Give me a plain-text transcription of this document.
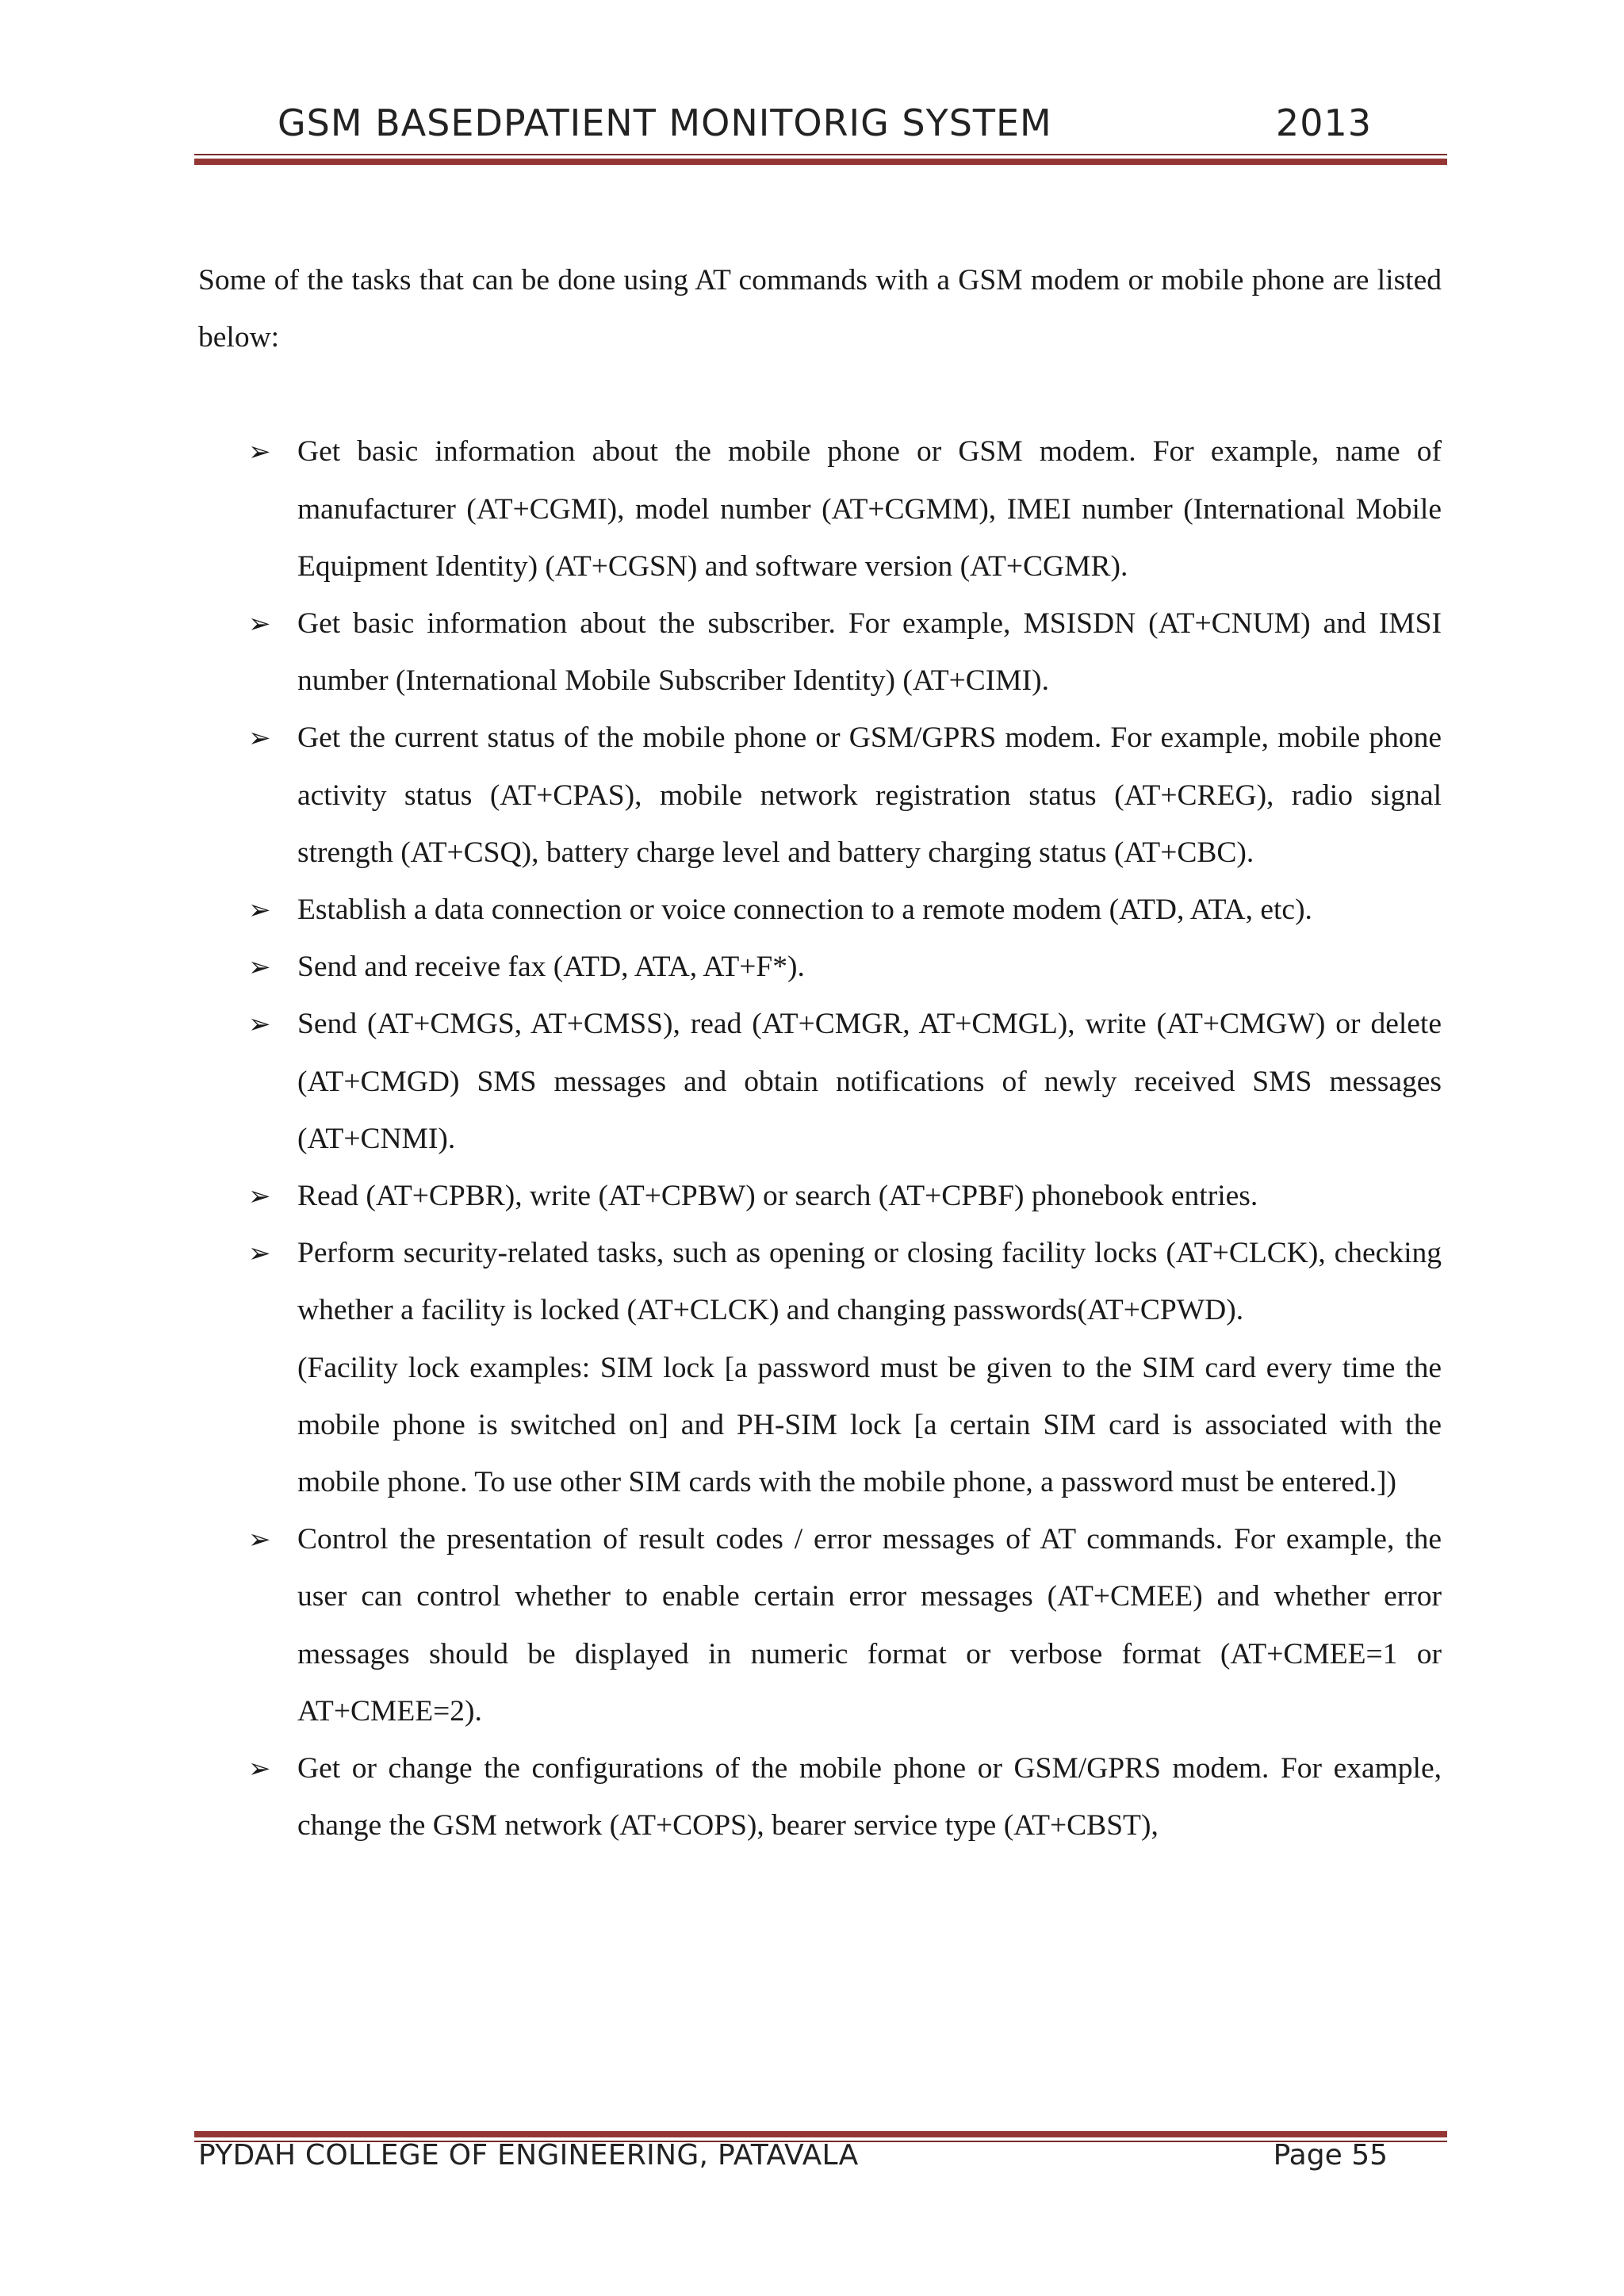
GSM BASEDPATIENT MONITORIG SYSTEM	2013

Some of the tasks that can be done using AT commands with a GSM modem or mobile phone are listed below:

➢ Get basic information about the mobile phone or GSM modem. For example, name of manufacturer (AT+CGMI), model number (AT+CGMM), IMEI number (International Mobile Equipment Identity) (AT+CGSN) and software version (AT+CGMR).
➢ Get basic information about the subscriber. For example, MSISDN (AT+CNUM) and IMSI number (International Mobile Subscriber Identity) (AT+CIMI).
➢ Get the current status of the mobile phone or GSM/GPRS modem. For example, mobile phone activity status (AT+CPAS), mobile network registration status (AT+CREG), radio signal strength (AT+CSQ), battery charge level and battery charging status (AT+CBC).
➢ Establish a data connection or voice connection to a remote modem (ATD, ATA, etc).
➢ Send and receive fax (ATD, ATA, AT+F*).
➢ Send (AT+CMGS, AT+CMSS), read (AT+CMGR, AT+CMGL), write (AT+CMGW) or delete (AT+CMGD) SMS messages and obtain notifications of newly received SMS messages (AT+CNMI).
➢ Read (AT+CPBR), write (AT+CPBW) or search (AT+CPBF) phonebook entries.
➢ Perform security-related tasks, such as opening or closing facility locks (AT+CLCK), checking whether a facility is locked (AT+CLCK) and changing passwords(AT+CPWD).
(Facility lock examples: SIM lock [a password must be given to the SIM card every time the mobile phone is switched on] and PH-SIM lock [a certain SIM card is associated with the mobile phone. To use other SIM cards with the mobile phone, a password must be entered.])
➢ Control the presentation of result codes / error messages of AT commands. For example, the user can control whether to enable certain error messages (AT+CMEE) and whether error messages should be displayed in numeric format or verbose format (AT+CMEE=1 or AT+CMEE=2).
➢ Get or change the configurations of the mobile phone or GSM/GPRS modem. For example, change the GSM network (AT+COPS), bearer service type (AT+CBST),
PYDAH COLLEGE OF ENGINEERING, PATAVALA	Page 55
